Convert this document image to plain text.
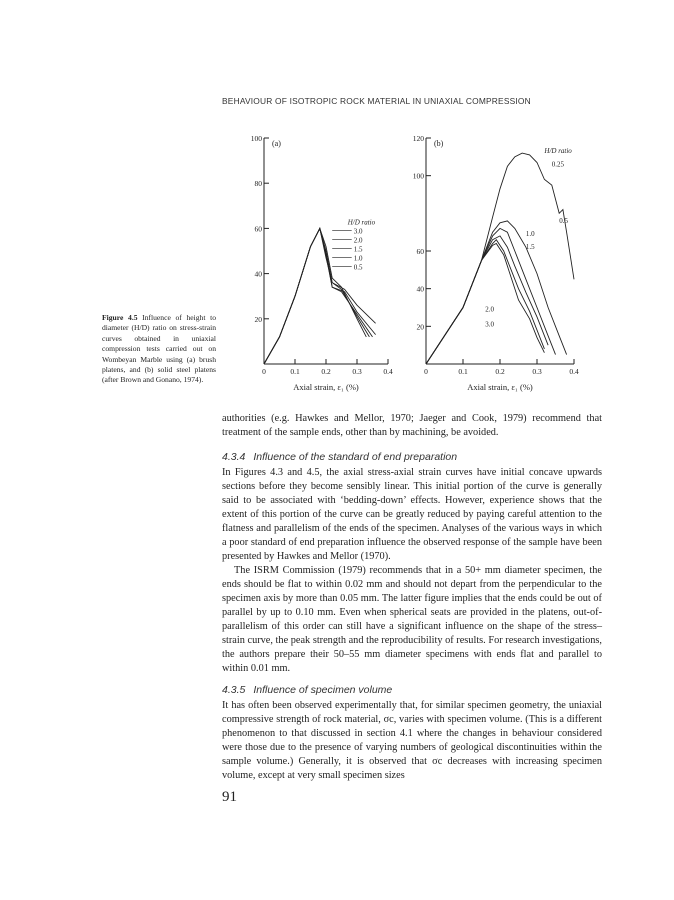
BEHAVIOUR OF ISOTROPIC ROCK MATERIAL IN UNIAXIAL COMPRESSION
Figure 4.5 Influence of height to diameter (H/D) ratio on stress-strain curves obtained in uniaxial compression tests carried out on Wombeyan Marble using (a) brush platens, and (b) solid steel platens (after Brown and Gonano, 1974).
20
40
60
80
100
0	0.1	0.2	0.3	0.4
(a)
Axial strain, ε₁ (%)
H/D ratio
3.0
2.0
1.5
1.0
0.5
20
40
60
100
120
0	0.1	0.2	0.3	0.4
(b)
Axial strain, ε₁ (%)
H/D ratio
0.25
0.5
1.0
1.5
2.0
3.0

authorities (e.g. Hawkes and Mellor, 1970; Jaeger and Cook, 1979) recommend that treatment of the sample ends, other than by machining, be avoided.

4.3.4 Influence of the standard of end preparation

In Figures 4.3 and 4.5, the axial stress-axial strain curves have initial concave upwards sections before they become sensibly linear. This initial portion of the curve is generally said to be associated with ‘bedding-down’ effects. However, experience shows that the extent of this portion of the curve can be greatly reduced by paying careful attention to the flatness and parallelism of the ends of the specimen. Analyses of the various ways in which a poor standard of end preparation influence the observed response of the sample have been presented by Hawkes and Mellor (1970).

The ISRM Commission (1979) recommends that in a 50+ mm diameter specimen, the ends should be flat to within 0.02 mm and should not depart from the perpendicular to the specimen axis by more than 0.05 mm. The latter figure implies that the ends could be out of parallel by up to 0.10 mm. Even when spherical seats are provided in the platens, out-of-parallelism of this order can still have a significant influence on the shape of the stress–strain curve, the peak strength and the reproducibility of results. For research investigations, the authors prepare their 50–55 mm diameter specimens with ends flat and parallel to within 0.01 mm.

4.3.5 Influence of specimen volume

It has often been observed experimentally that, for similar specimen geometry, the uniaxial compressive strength of rock material, σc, varies with specimen volume. (This is a different phenomenon to that discussed in section 4.1 where the changes in behaviour considered were those due to the presence of varying numbers of geological discontinuities within the sample volume.) Generally, it is observed that σc decreases with increasing specimen volume, except at very small specimen sizes

91
